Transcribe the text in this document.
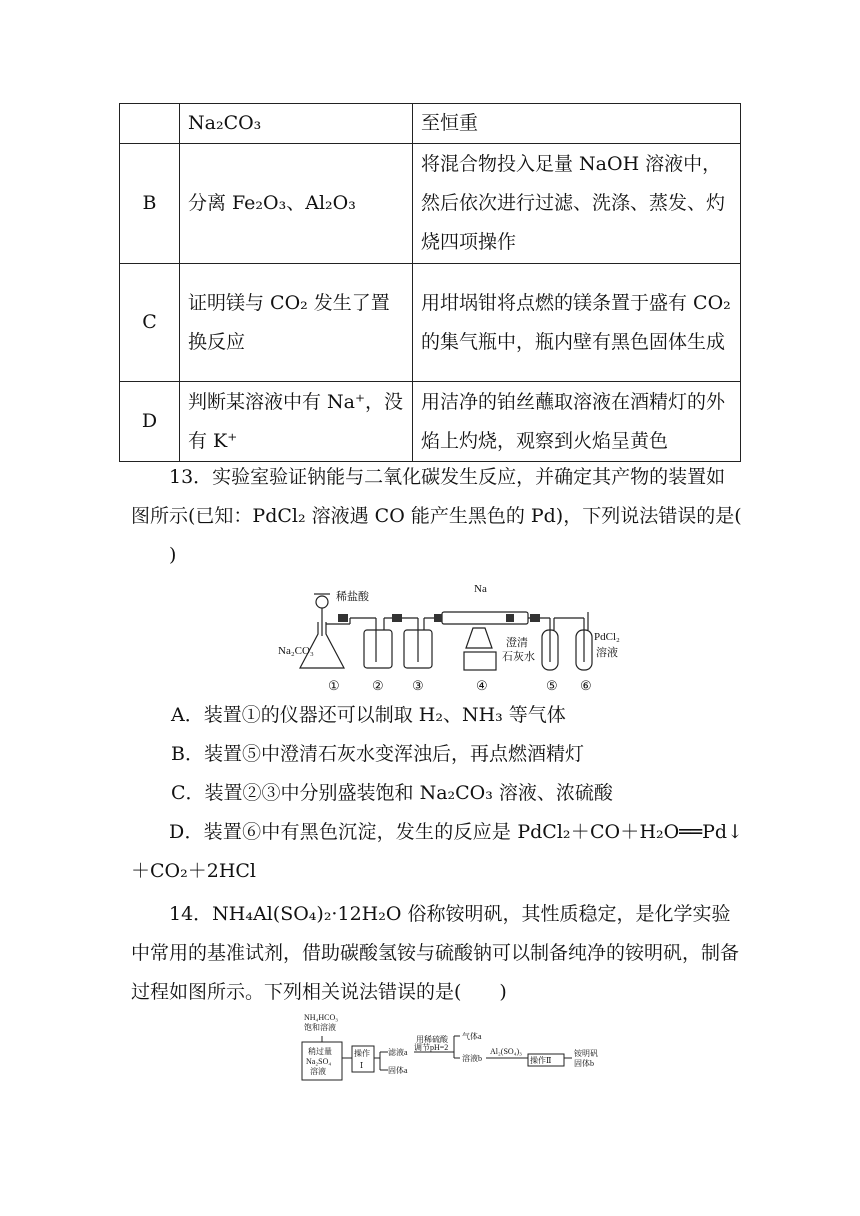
	Na₂CO₃	至恒重
B	分离 Fe₂O₃、Al₂O₃	将混合物投入足量 NaOH 溶液中，然后依次进行过滤、洗涤、蒸发、灼烧四项操作
C	证明镁与 CO₂ 发生了置换反应	用坩埚钳将点燃的镁条置于盛有 CO₂ 的集气瓶中，瓶内壁有黑色固体生成
D	判断某溶液中有 Na⁺，没有 K⁺	用洁净的铂丝蘸取溶液在酒精灯的外焰上灼烧，观察到火焰呈黄色

13．实验室验证钠能与二氧化碳发生反应，并确定其产物的装置如图所示(已知：PdCl₂ 溶液遇 CO 能产生黑色的 Pd)，下列说法错误的是()

稀盐酸
Na₂CO₃
Na
澄清
石灰水
PdCl₂
溶液
① ② ③	④	⑤ ⑥

A．装置①的仪器还可以制取 H₂、NH₃ 等气体

B．装置⑤中澄清石灰水变浑浊后，再点燃酒精灯

C．装置②③中分别盛装饱和 Na₂CO₃ 溶液、浓硫酸

D．装置⑥中有黑色沉淀，发生的反应是 PdCl₂＋CO＋H₂O══Pd↓＋CO₂＋2HCl

14．NH₄Al(SO₄)₂·12H₂O 俗称铵明矾，其性质稳定，是化学实验中常用的基准试剂，借助碳酸氢铵与硫酸钠可以制备纯净的铵明矾，制备过程如图所示。下列相关说法错误的是( )

NH₄HCO₃
饱和溶液
稍过量
Na₂SO₄
溶液
操作
Ⅰ
滤液a
固体a
用稀硫酸
调节pH=2
气体a
溶液b
Al₂(SO₄)₃
操作Ⅱ
铵明矾
固体b
